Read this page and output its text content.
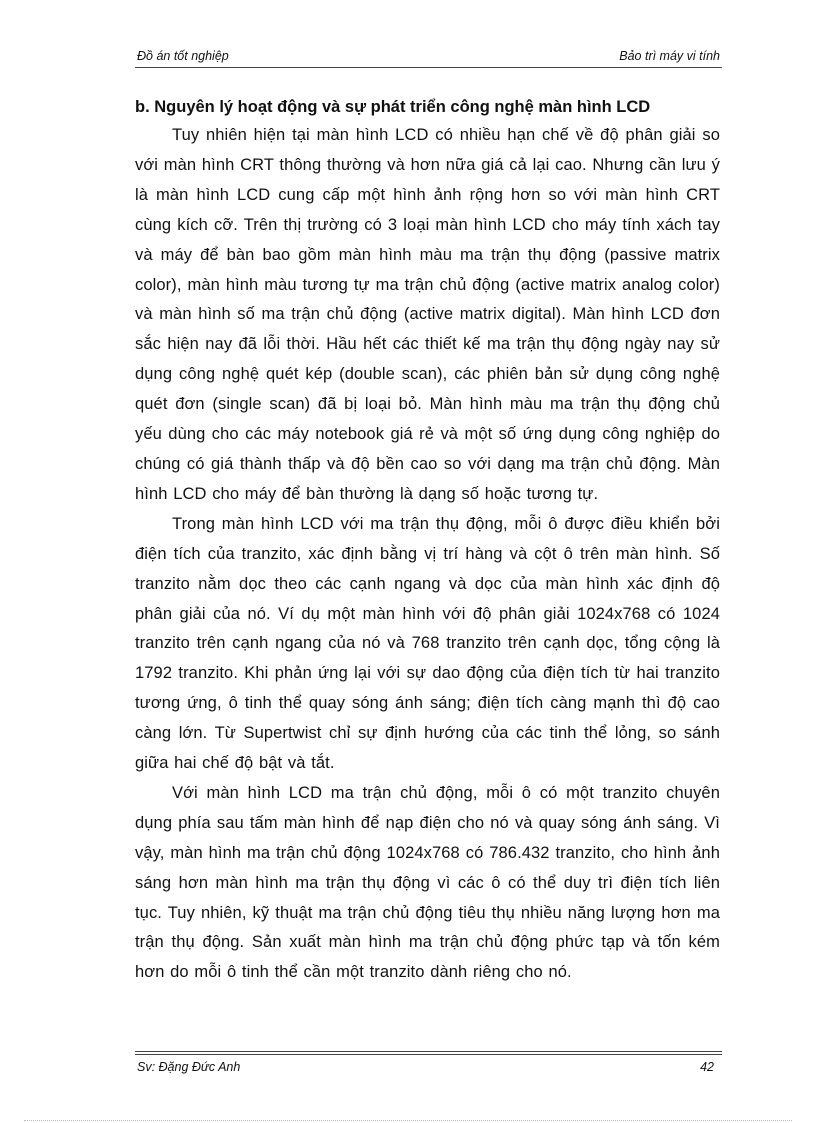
Đồ án tốt nghiệp	Bảo trì máy vi tính

b. Nguyên lý hoạt động và sự phát triển công nghệ màn hình LCD

Tuy nhiên hiện tại màn hình LCD có nhiều hạn chế về độ phân giải so với màn hình CRT thông thường và hơn nữa giá cả lại cao. Nhưng cần lưu ý là màn hình LCD cung cấp một hình ảnh rộng hơn so với màn hình CRT cùng kích cỡ. Trên thị trường có 3 loại màn hình LCD cho máy tính xách tay và máy để bàn bao gồm màn hình màu ma trận thụ động (passive matrix color), màn hình màu tương tự ma trận chủ động (active matrix analog color) và màn hình số ma trận chủ động (active matrix digital). Màn hình LCD đơn sắc hiện nay đã lỗi thời. Hầu hết các thiết kế ma trận thụ động ngày nay sử dụng công nghệ quét kép (double scan), các phiên bản sử dụng công nghệ quét đơn (single scan) đã bị loại bỏ. Màn hình màu ma trận thụ động chủ yếu dùng cho các máy notebook giá rẻ và một số ứng dụng công nghiệp do chúng có giá thành thấp và độ bền cao so với dạng ma trận chủ động. Màn hình LCD cho máy để bàn thường là dạng số hoặc tương tự.

Trong màn hình LCD với ma trận thụ động, mỗi ô được điều khiển bởi điện tích của tranzito, xác định bằng vị trí hàng và cột ô trên màn hình. Số tranzito nằm dọc theo các cạnh ngang và dọc của màn hình xác định độ phân giải của nó. Ví dụ một màn hình với độ phân giải 1024x768 có 1024 tranzito trên cạnh ngang của nó và 768 tranzito trên cạnh dọc, tổng cộng là 1792 tranzito. Khi phản ứng lại với sự dao động của điện tích từ hai tranzito tương ứng, ô tinh thể quay sóng ánh sáng; điện tích càng mạnh thì độ cao càng lớn. Từ Supertwist chỉ sự định hướng của các tinh thể lỏng, so sánh giữa hai chế độ bật và tắt.

Với màn hình LCD ma trận chủ động, mỗi ô có một tranzito chuyên dụng phía sau tấm màn hình để nạp điện cho nó và quay sóng ánh sáng. Vì vậy, màn hình ma trận chủ động 1024x768 có 786.432 tranzito, cho hình ảnh sáng hơn màn hình ma trận thụ động vì các ô có thể duy trì điện tích liên tục. Tuy nhiên, kỹ thuật ma trận chủ động tiêu thụ nhiều năng lượng hơn ma trận thụ động. Sản xuất màn hình ma trận chủ động phức tạp và tốn kém hơn do mỗi ô tinh thể cần một tranzito dành riêng cho nó.

Sv: Đặng Đức Anh	42
